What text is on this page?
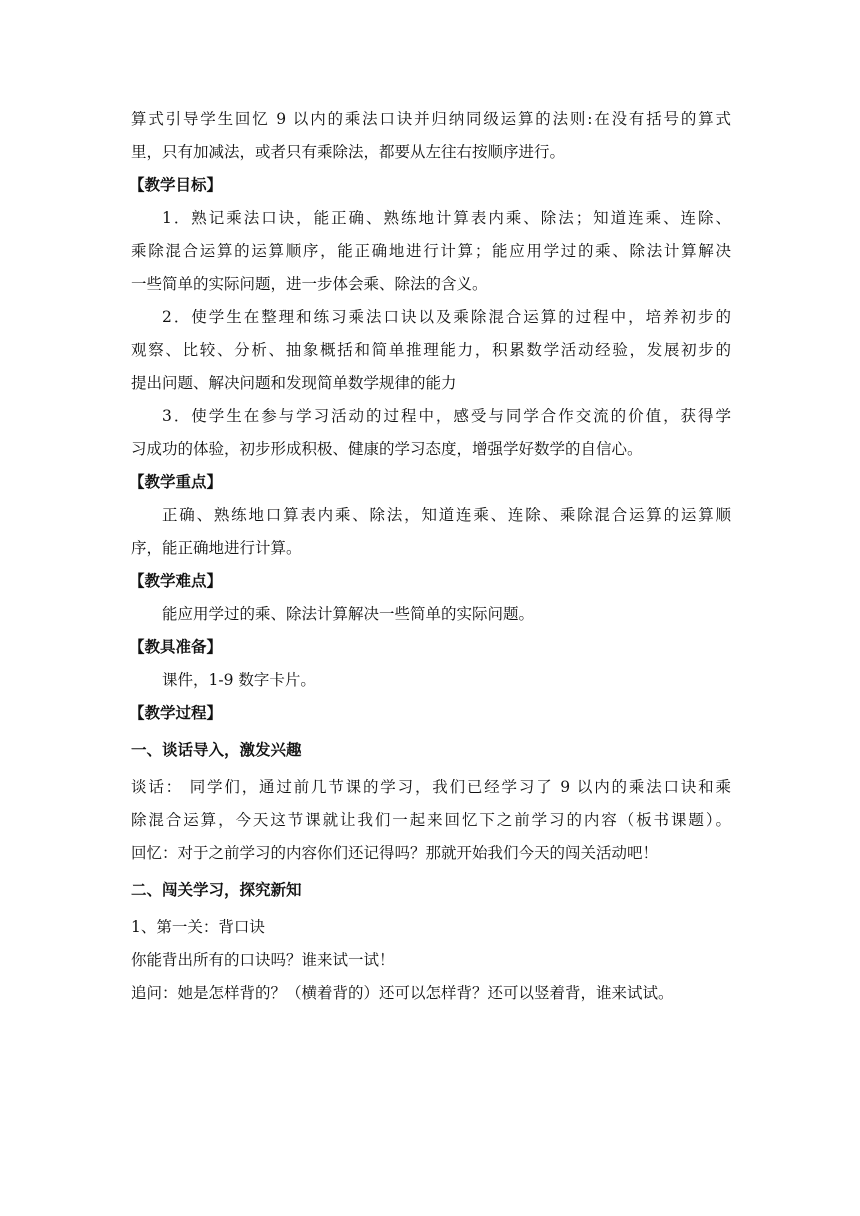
算式引导学生回忆 9 以内的乘法口诀并归纳同级运算的法则:在没有括号的算式
里，只有加减法，或者只有乘除法，都要从左往右按顺序进行。
【教学目标】
1．熟记乘法口诀，能正确、熟练地计算表内乘、除法；知道连乘、连除、
乘除混合运算的运算顺序，能正确地进行计算；能应用学过的乘、除法计算解决
一些简单的实际问题，进一步体会乘、除法的含义。
2．使学生在整理和练习乘法口诀以及乘除混合运算的过程中，培养初步的
观察、比较、分析、抽象概括和简单推理能力，积累数学活动经验，发展初步的
提出问题、解决问题和发现简单数学规律的能力
3．使学生在参与学习活动的过程中，感受与同学合作交流的价值，获得学
习成功的体验，初步形成积极、健康的学习态度，增强学好数学的自信心。
【教学重点】
正确、熟练地口算表内乘、除法，知道连乘、连除、乘除混合运算的运算顺
序，能正确地进行计算。
【教学难点】
能应用学过的乘、除法计算解决一些简单的实际问题。
【教具准备】
课件，1-9 数字卡片。
【教学过程】
一、谈话导入，激发兴趣
谈话： 同学们，通过前几节课的学习，我们已经学习了 9 以内的乘法口诀和乘
除混合运算，今天这节课就让我们一起来回忆下之前学习的内容（板书课题）。
回忆：对于之前学习的内容你们还记得吗？那就开始我们今天的闯关活动吧！
二、闯关学习，探究新知
1、第一关：背口诀
你能背出所有的口诀吗？谁来试一试！
追问：她是怎样背的？（横着背的）还可以怎样背？还可以竖着背，谁来试试。
